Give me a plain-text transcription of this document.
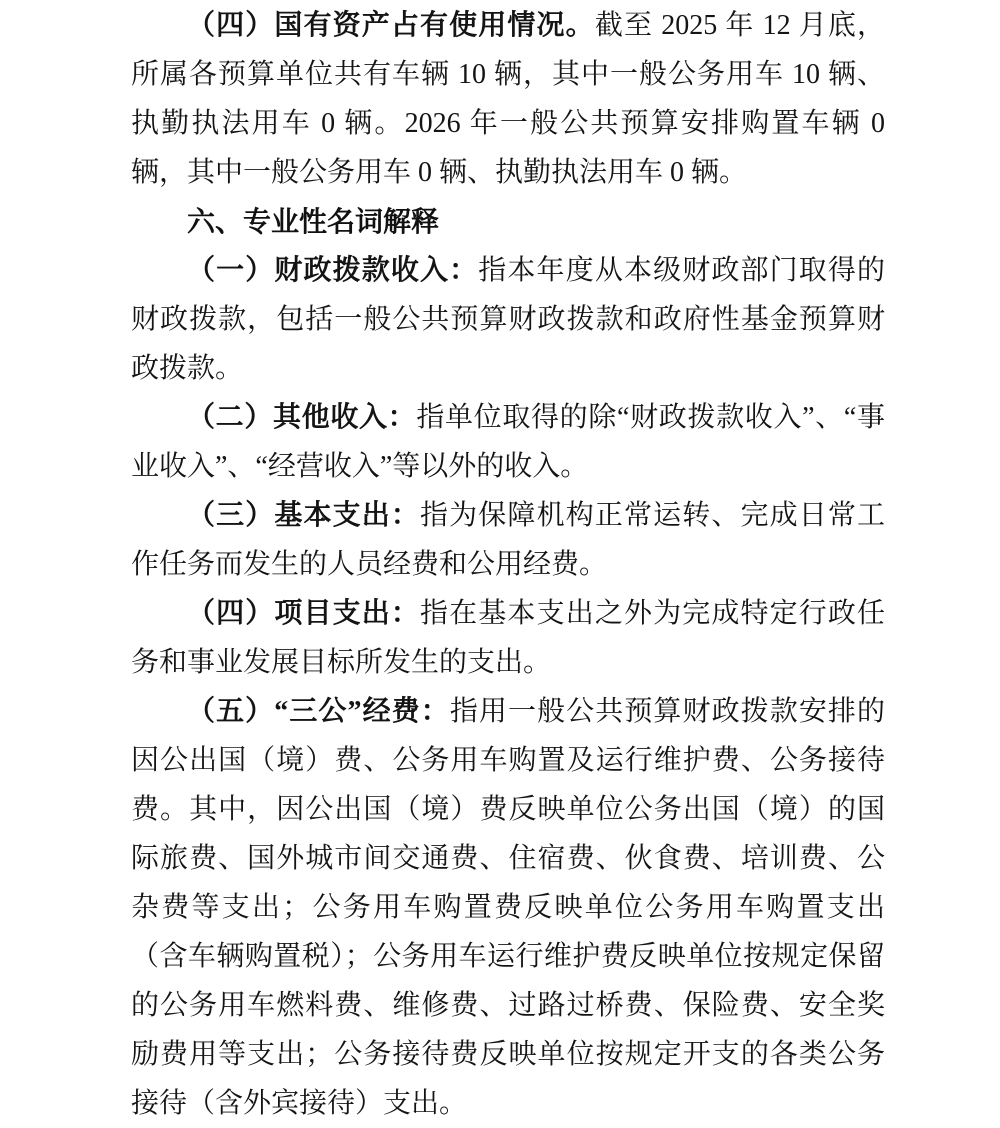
（四）国有资产占有使用情况。截至 2025 年 12 月底，所属各预算单位共有车辆 10 辆，其中一般公务用车 10 辆、执勤执法用车 0 辆。2026 年一般公共预算安排购置车辆 0 辆，其中一般公务用车 0 辆、执勤执法用车 0 辆。

六、专业性名词解释

（一）财政拨款收入：指本年度从本级财政部门取得的财政拨款，包括一般公共预算财政拨款和政府性基金预算财政拨款。

（二）其他收入：指单位取得的除“财政拨款收入”、“事业收入”、“经营收入”等以外的收入。

（三）基本支出：指为保障机构正常运转、完成日常工作任务而发生的人员经费和公用经费。

（四）项目支出：指在基本支出之外为完成特定行政任务和事业发展目标所发生的支出。

（五）“三公”经费：指用一般公共预算财政拨款安排的因公出国（境）费、公务用车购置及运行维护费、公务接待费。其中，因公出国（境）费反映单位公务出国（境）的国际旅费、国外城市间交通费、住宿费、伙食费、培训费、公杂费等支出；公务用车购置费反映单位公务用车购置支出（含车辆购置税）；公务用车运行维护费反映单位按规定保留的公务用车燃料费、维修费、过路过桥费、保险费、安全奖励费用等支出；公务接待费反映单位按规定开支的各类公务接待（含外宾接待）支出。
